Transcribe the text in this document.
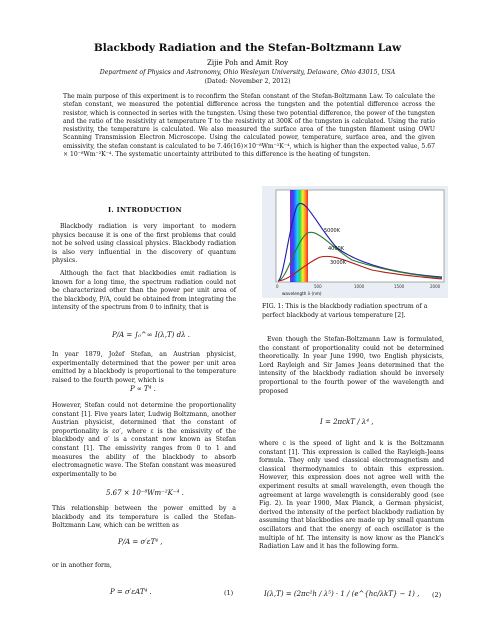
Blackbody Radiation and the Stefan-Boltzmann Law
Zijie Poh and Amit Roy
Department of Physics and Astronomy, Ohio Wesleyan University, Delaware, Ohio 43015, USA
(Dated: November 2, 2012)
The main purpose of this experiment is to reconfirm the Stefan constant of the Stefan-Boltzmann Law. To calculate the stefan constant, we measured the potential difference across the tungsten and the potential difference across the resistor, which is connected in series with the tungsten. Using these two potential difference, the power of the tungsten and the ratio of the resistivity at temperature T to the resistivity at 300K of the tungsten is calculated. Using the ratio resistivity, the temperature is calculated. We also measured the surface area of the tungsten filament using OWU Scanning Transmission Electron Microscope. Using the calculated power, temperature, surface area, and the given emissivity, the stefan constant is calculated to be 7.46(16)×10⁻⁸Wm⁻²K⁻⁴, which is higher than the expected value, 5.67 × 10⁻⁸Wm⁻²K⁻⁴. The systematic uncertainty attributed to this difference is the heating of tungsten.
I. INTRODUCTION
Blackbody radiation is very important to modern physics because it is one of the first problems that could not be solved using classical physics. Blackbody radiation is also very influential in the discovery of quantum physics.
Although the fact that blackbodies emit radiation is known for a long time, the spectrum radiation could not be characterized other than the power per unit area of the blackbody, P/A, could be obtained from integrating the intensity of the spectrum from 0 to infinity, that is
P/A = ∫₀^∞ I(λ,T) dλ .
In year 1879, Jožef Stefan, an Austrian physicist, experimentally determined that the power per unit area emitted by a blackbody is proportional to the temperature raised to the fourth power, which is
P ∝ T⁴ .
However, Stefan could not determine the proportionality constant [1]. Five years later, Ludwig Boltzmann, another Austrian physicist, determined that the constant of proportionality is εσ′, where ε is the emissivity of the blackbody and σ′ is a constant now known as Stefan constant [1]. The emissivity ranges from 0 to 1 and measures the ability of the blackbody to absorb electromagnetic wave. The Stefan constant was measured experimentally to be
5.67 × 10⁻⁸Wm⁻²K⁻⁴ .
This relationship between the power emitted by a blackbody and its temperature is called the Stefan-Boltzmann Law, which can be written as
P/A = σ′εT⁴ ,
or in another form,
P = σ′εAT⁴ .	(1)
5000K
4000K
3000K
0	500	1000	1500	2000
wavelength λ (nm)
FIG. 1: This is the blackbody radiation spectrum of a perfect blackbody at various temperature [2].
Even though the Stefan-Boltzmann Law is formulated, the constant of proportionality could not be determined theoretically. In year June 1990, two English physicists, Lord Rayleigh and Sir James Jeans determined that the intensity of the blackbody radiation should be inversely proportional to the fourth power of the wavelength and proposed
I = 2πckT / λ⁴ ,
where c is the speed of light and k is the Boltzmann constant [1]. This expression is called the Rayleigh-Jeans formula. They only used classical electromagnetism and classical thermodynamics to obtain this expression. However, this expression does not agree well with the experiment results at small wavelength, even though the agreement at large wavelength is considerably good (see Fig. 2). In year 1900, Max Planck, a German physicist, derived the intensity of the perfect blackbody radiation by assuming that blackbodies are made up by small quantum oscillators and that the energy of each oscillator is the multiple of hf. The intensity is now know as the Planck's Radiation Law and it has the following form.
I(λ,T) = (2πc²h / λ⁵) · 1 / (e^{hc/λkT} − 1) , (2)
